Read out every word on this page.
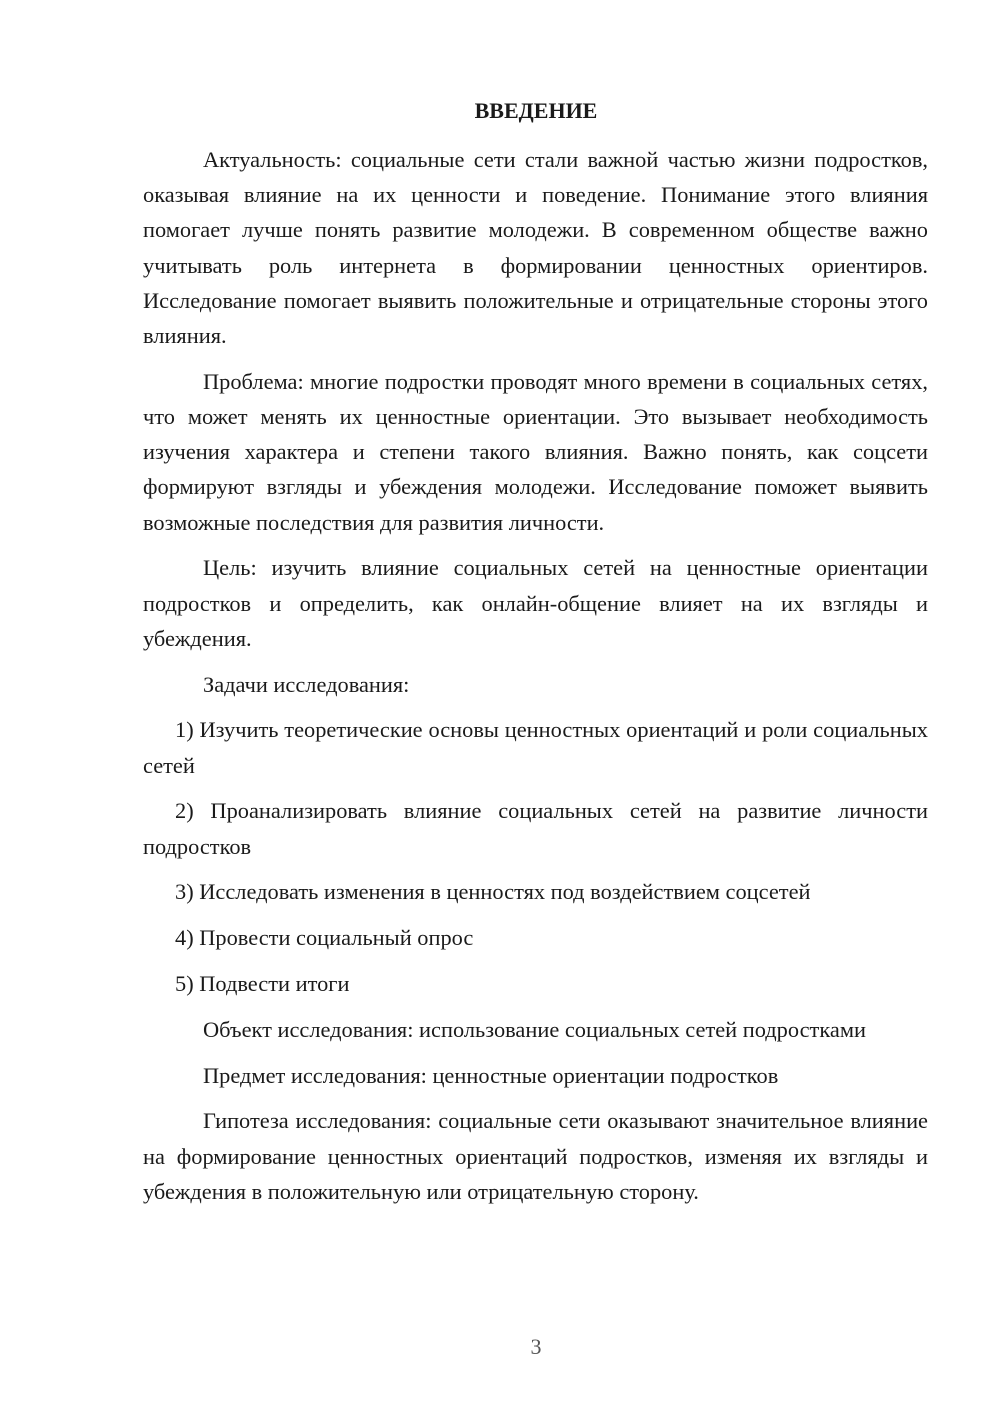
ВВЕДЕНИЕ

Актуальность: социальные сети стали важной частью жизни подростков, оказывая влияние на их ценности и поведение. Понимание этого влияния помогает лучше понять развитие молодежи. В современном обществе важно учитывать роль интернета в формировании ценностных ориентиров. Исследование помогает выявить положительные и отрицательные стороны этого влияния.

Проблема: многие подростки проводят много времени в социальных сетях, что может менять их ценностные ориентации. Это вызывает необходимость изучения характера и степени такого влияния. Важно понять, как соцсети формируют взгляды и убеждения молодежи. Исследование поможет выявить возможные последствия для развития личности.

Цель: изучить влияние социальных сетей на ценностные ориентации подростков и определить, как онлайн-общение влияет на их взгляды и убеждения.

Задачи исследования:

1) Изучить теоретические основы ценностных ориентаций и роли социальных сетей

2) Проанализировать влияние социальных сетей на развитие личности подростков

3) Исследовать изменения в ценностях под воздействием соцсетей

4) Провести социальный опрос

5) Подвести итоги

Объект исследования: использование социальных сетей подростками

Предмет исследования: ценностные ориентации подростков

Гипотеза исследования: социальные сети оказывают значительное влияние на формирование ценностных ориентаций подростков, изменяя их взгляды и убеждения в положительную или отрицательную сторону.

3
